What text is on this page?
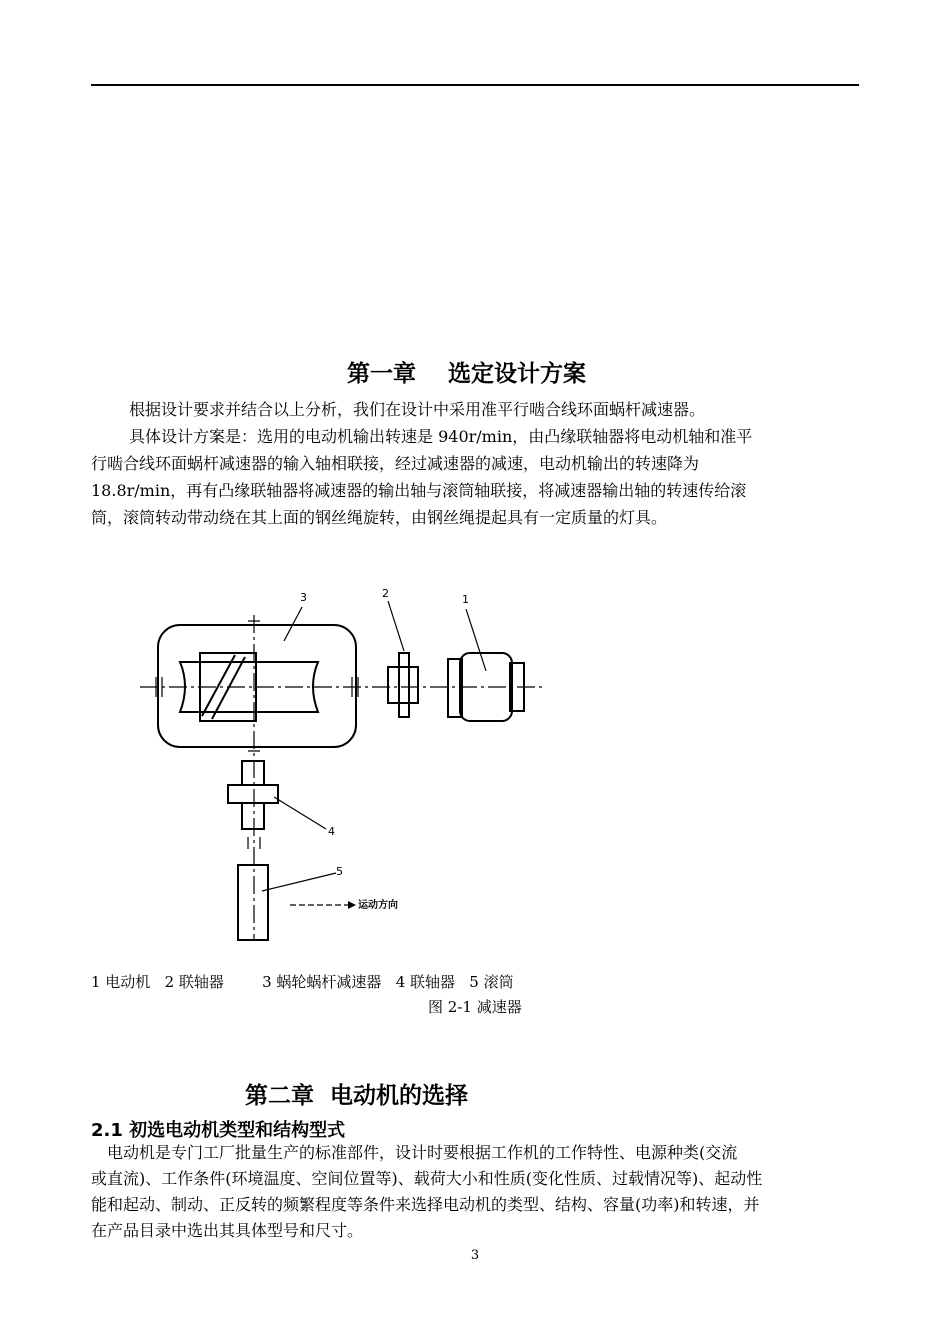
第一章    选定设计方案

根据设计要求并结合以上分析，我们在设计中采用准平行啮合线环面蜗杆减速器。

具体设计方案是：选用的电动机输出转速是 940r/min，由凸缘联轴器将电动机轴和准平
行啮合线环面蜗杆减速器的输入轴相联接，经过减速器的减速，电动机输出的转速降为
18.8r/min，再有凸缘联轴器将减速器的输出轴与滚筒轴联接，将减速器输出轴的转速传给滚
筒，滚筒转动带动绕在其上面的钢丝绳旋转，由钢丝绳提起具有一定质量的灯具。

3	2	1
4
5
运动方向

1 电动机   2 联轴器        3 蜗轮蜗杆减速器   4 联轴器   5 滚筒

图 2-1 减速器

第二章  电动机的选择
2.1 初选电动机类型和结构型式

电动机是专门工厂批量生产的标准部件，设计时要根据工作机的工作特性、电源种类(交流
或直流)、工作条件(环境温度、空间位置等)、载荷大小和性质(变化性质、过载情况等)、起动性
能和起动、制动、正反转的频繁程度等条件来选择电动机的类型、结构、容量(功率)和转速，并
在产品目录中选出其具体型号和尺寸。

3
